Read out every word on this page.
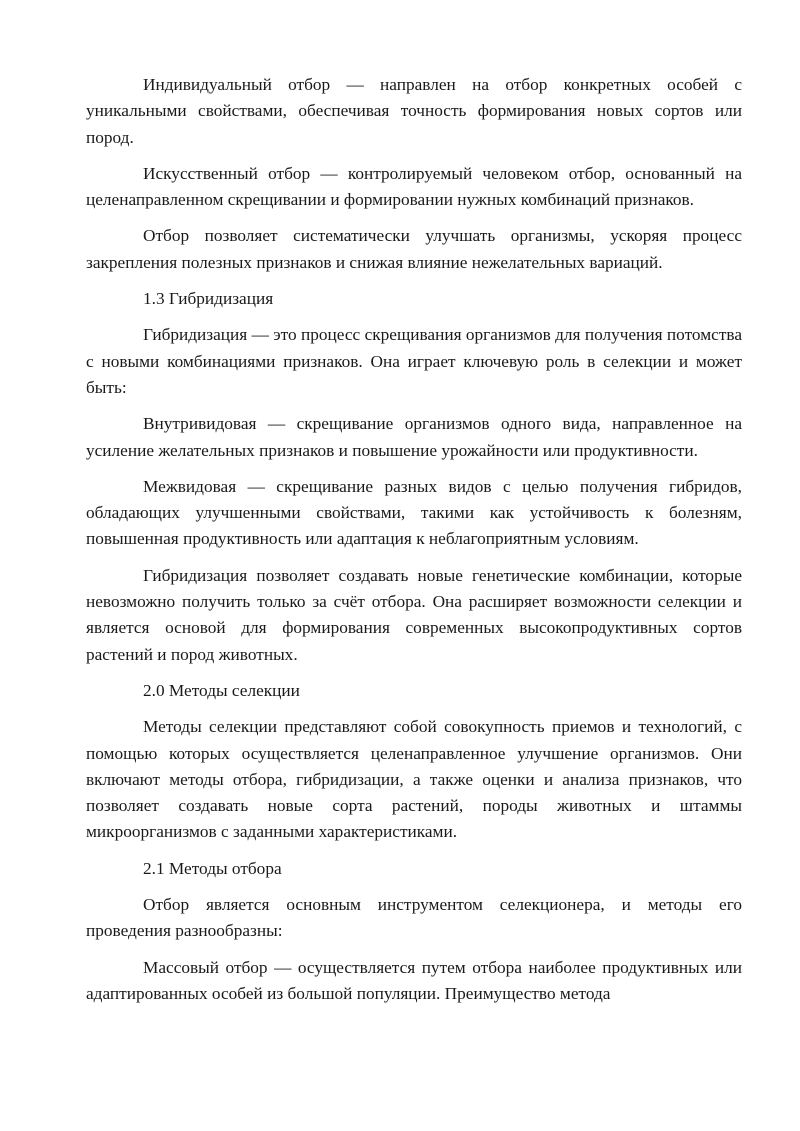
Индивидуальный отбор — направлен на отбор конкретных особей с уникальными свойствами, обеспечивая точность формирования новых сортов или пород.

Искусственный отбор — контролируемый человеком отбор, основанный на целенаправленном скрещивании и формировании нужных комбинаций признаков.

Отбор позволяет систематически улучшать организмы, ускоряя процесс закрепления полезных признаков и снижая влияние нежелательных вариаций.

1.3 Гибридизация

Гибридизация — это процесс скрещивания организмов для получения потомства с новыми комбинациями признаков. Она играет ключевую роль в селекции и может быть:

Внутривидовая — скрещивание организмов одного вида, направленное на усиление желательных признаков и повышение урожайности или продуктивности.

Межвидовая — скрещивание разных видов с целью получения гибридов, обладающих улучшенными свойствами, такими как устойчивость к болезням, повышенная продуктивность или адаптация к неблагоприятным условиям.

Гибридизация позволяет создавать новые генетические комбинации, которые невозможно получить только за счёт отбора. Она расширяет возможности селекции и является основой для формирования современных высокопродуктивных сортов растений и пород животных.

2.0 Методы селекции

Методы селекции представляют собой совокупность приемов и технологий, с помощью которых осуществляется целенаправленное улучшение организмов. Они включают методы отбора, гибридизации, а также оценки и анализа признаков, что позволяет создавать новые сорта растений, породы животных и штаммы микроорганизмов с заданными характеристиками.

2.1 Методы отбора

Отбор является основным инструментом селекционера, и методы его проведения разнообразны:

Массовый отбор — осуществляется путем отбора наиболее продуктивных или адаптированных особей из большой популяции. Преимущество метода
